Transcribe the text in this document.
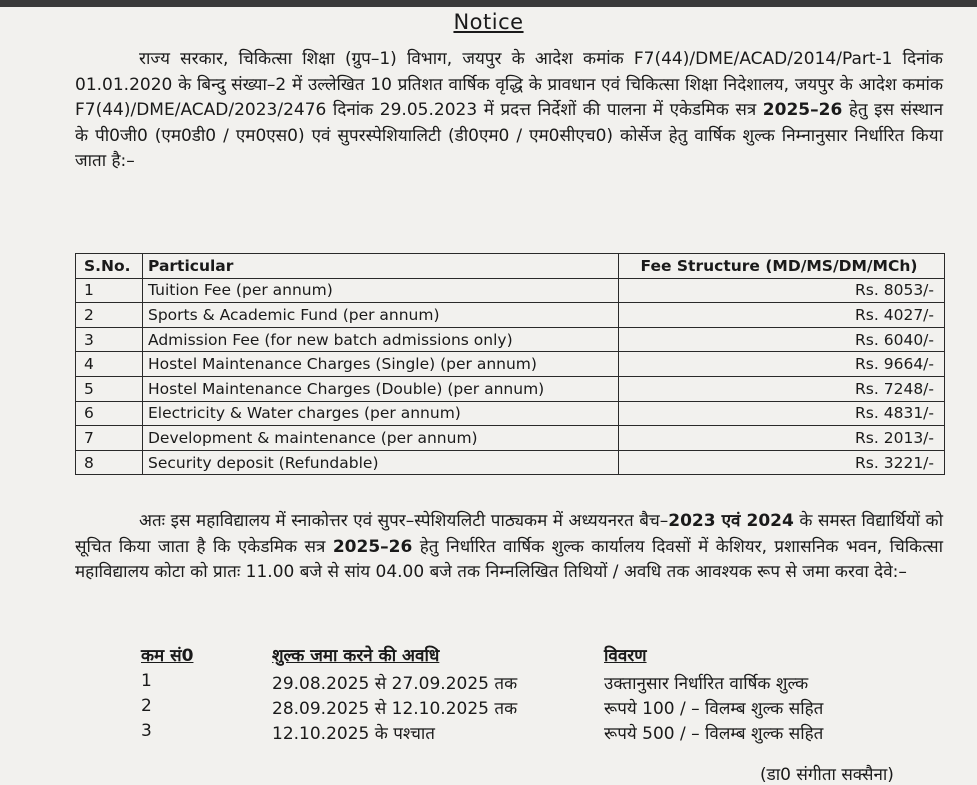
Notice

राज्य सरकार, चिकित्सा शिक्षा (ग्रुप–1) विभाग, जयपुर के आदेश कमांक F7(44)/DME/ACAD/2014/Part-1 दिनांक 01.01.2020 के बिन्दु संख्या–2 में उल्लेखित 10 प्रतिशत वार्षिक वृद्धि के प्रावधान एवं चिकित्सा शिक्षा निदेशालय, जयपुर के आदेश कमांक F7(44)/DME/ACAD/2023/2476 दिनांक 29.05.2023 में प्रदत्त निर्देशों की पालना में एकेडमिक सत्र 2025–26 हेतु इस संस्थान के पी0जी0 (एम0डी0 / एम0एस0) एवं सुपरस्पेशियालिटी (डी0एम0 / एम0सीएच0) कोर्सेज हेतु वार्षिक शुल्क निम्नानुसार निर्धारित किया जाता है:–

S.No.	Particular	Fee Structure (MD/MS/DM/MCh)
1	Tuition Fee (per annum)	Rs. 8053/-
2	Sports & Academic Fund (per annum)	Rs. 4027/-
3	Admission Fee (for new batch admissions only)	Rs. 6040/-
4	Hostel Maintenance Charges (Single) (per annum)	Rs. 9664/-
5	Hostel Maintenance Charges (Double) (per annum)	Rs. 7248/-
6	Electricity & Water charges (per annum)	Rs. 4831/-
7	Development & maintenance (per annum)	Rs. 2013/-
8	Security deposit (Refundable)	Rs. 3221/-

अतः इस महाविद्यालय में स्नाकोत्तर एवं सुपर–स्पेशियलिटी पाठ्यकम में अध्ययनरत बैच–2023 एवं 2024 के समस्त विद्यार्थियों को सूचित किया जाता है कि एकेडमिक सत्र 2025–26 हेतु निर्धारित वार्षिक शुल्क कार्यालय दिवसों में केशियर, प्रशासनिक भवन, चिकित्सा महाविद्यालय कोटा को प्रातः 11.00 बजे से सांय 04.00 बजे तक निम्नलिखित तिथियों / अवधि तक आवश्यक रूप से जमा करवा देवे:–

कम सं0	शुल्क जमा करने की अवधि	विवरण
1	29.08.2025 से 27.09.2025 तक	उक्तानुसार निर्धारित वार्षिक शुल्क
2	28.09.2025 से 12.10.2025 तक	रूपये 100 / – विलम्ब शुल्क सहित
3	12.10.2025 के पश्चात	रूपये 500 / – विलम्ब शुल्क सहित
(डा0 संगीता सक्सैना)
